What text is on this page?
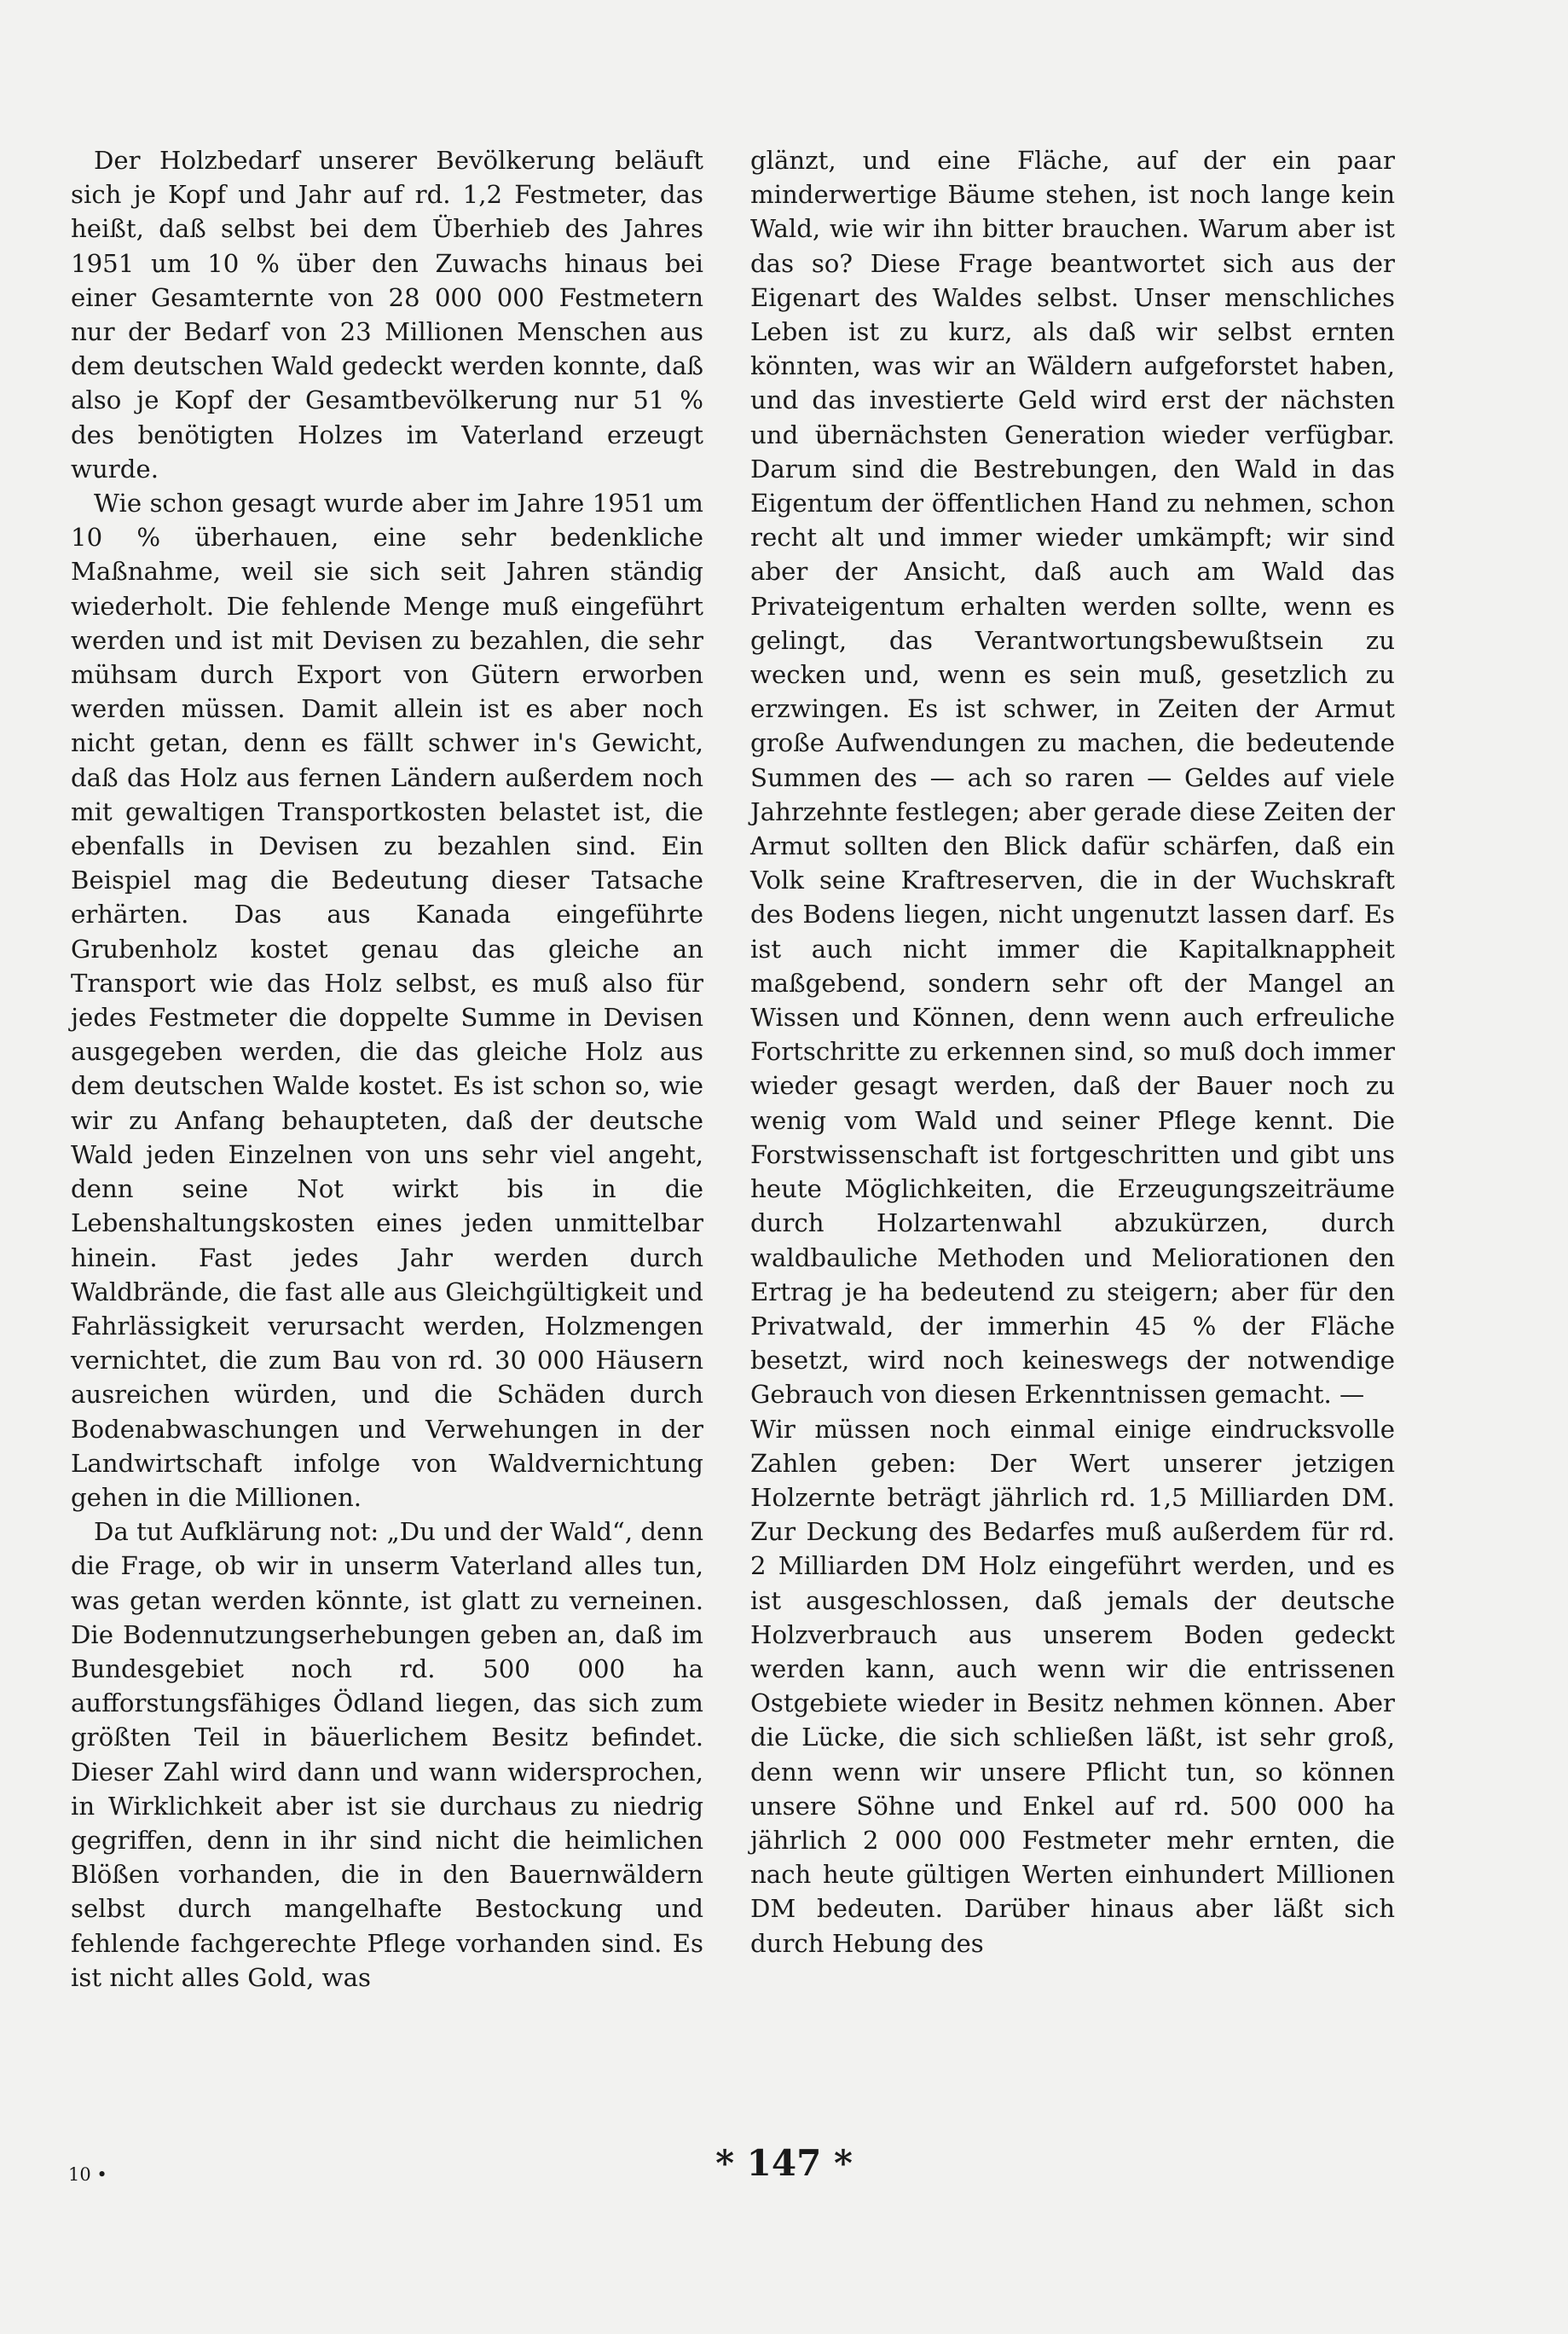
Der Holzbedarf unserer Bevölkerung beläuft sich je Kopf und Jahr auf rd. 1,2 Festmeter, das heißt, daß selbst bei dem Überhieb des Jahres 1951 um 10 % über den Zuwachs hinaus bei einer Gesamternte von 28 000 000 Festmetern nur der Bedarf von 23 Millionen Menschen aus dem deutschen Wald gedeckt werden konnte, daß also je Kopf der Gesamtbevölkerung nur 51 % des benötigten Holzes im Vaterland erzeugt wurde.

Wie schon gesagt wurde aber im Jahre 1951 um 10 % überhauen, eine sehr bedenkliche Maßnahme, weil sie sich seit Jahren ständig wiederholt. Die fehlende Menge muß eingeführt werden und ist mit Devisen zu bezahlen, die sehr mühsam durch Export von Gütern erworben werden müssen. Damit allein ist es aber noch nicht getan, denn es fällt schwer in's Gewicht, daß das Holz aus fernen Ländern außerdem noch mit gewaltigen Transportkosten belastet ist, die ebenfalls in Devisen zu bezahlen sind. Ein Beispiel mag die Bedeutung dieser Tatsache erhärten. Das aus Kanada eingeführte Grubenholz kostet genau das gleiche an Transport wie das Holz selbst, es muß also für jedes Festmeter die doppelte Summe in Devisen ausgegeben werden, die das gleiche Holz aus dem deutschen Walde kostet. Es ist schon so, wie wir zu Anfang behaupteten, daß der deutsche Wald jeden Einzelnen von uns sehr viel angeht, denn seine Not wirkt bis in die Lebenshaltungskosten eines jeden unmittelbar hinein. Fast jedes Jahr werden durch Waldbrände, die fast alle aus Gleichgültigkeit und Fahrlässigkeit verursacht werden, Holzmengen vernichtet, die zum Bau von rd. 30 000 Häusern ausreichen würden, und die Schäden durch Bodenabwaschungen und Verwehungen in der Landwirtschaft infolge von Waldvernichtung gehen in die Millionen.

Da tut Aufklärung not: „Du und der Wald“, denn die Frage, ob wir in unserm Vaterland alles tun, was getan werden könnte, ist glatt zu verneinen. Die Bodennutzungserhebungen geben an, daß im Bundesgebiet noch rd. 500 000 ha aufforstungsfähiges Ödland liegen, das sich zum größten Teil in bäuerlichem Besitz befindet. Dieser Zahl wird dann und wann widersprochen, in Wirklichkeit aber ist sie durchaus zu niedrig gegriffen, denn in ihr sind nicht die heimlichen Blößen vorhanden, die in den Bauernwäldern selbst durch mangelhafte Bestockung und fehlende fachgerechte Pflege vorhanden sind. Es ist nicht alles Gold, was

glänzt, und eine Fläche, auf der ein paar minderwertige Bäume stehen, ist noch lange kein Wald, wie wir ihn bitter brauchen. Warum aber ist das so? Diese Frage beantwortet sich aus der Eigenart des Waldes selbst. Unser menschliches Leben ist zu kurz, als daß wir selbst ernten könnten, was wir an Wäldern aufgeforstet haben, und das investierte Geld wird erst der nächsten und übernächsten Generation wieder verfügbar. Darum sind die Bestrebungen, den Wald in das Eigentum der öffentlichen Hand zu nehmen, schon recht alt und immer wieder umkämpft; wir sind aber der Ansicht, daß auch am Wald das Privateigentum erhalten werden sollte, wenn es gelingt, das Verantwortungsbewußtsein zu wecken und, wenn es sein muß, gesetzlich zu erzwingen. Es ist schwer, in Zeiten der Armut große Aufwendungen zu machen, die bedeutende Summen des — ach so raren — Geldes auf viele Jahrzehnte festlegen; aber gerade diese Zeiten der Armut sollten den Blick dafür schärfen, daß ein Volk seine Kraftreserven, die in der Wuchskraft des Bodens liegen, nicht ungenutzt lassen darf. Es ist auch nicht immer die Kapitalknappheit maßgebend, sondern sehr oft der Mangel an Wissen und Können, denn wenn auch erfreuliche Fortschritte zu erkennen sind, so muß doch immer wieder gesagt werden, daß der Bauer noch zu wenig vom Wald und seiner Pflege kennt. Die Forstwissenschaft ist fortgeschritten und gibt uns heute Möglichkeiten, die Erzeugungszeiträume durch Holzartenwahl abzukürzen, durch waldbauliche Methoden und Meliorationen den Ertrag je ha bedeutend zu steigern; aber für den Privatwald, der immerhin 45 % der Fläche besetzt, wird noch keineswegs der notwendige Gebrauch von diesen Erkenntnissen gemacht. —

Wir müssen noch einmal einige eindrucksvolle Zahlen geben: Der Wert unserer jetzigen Holzernte beträgt jährlich rd. 1,5 Milliarden DM. Zur Deckung des Bedarfes muß außerdem für rd. 2 Milliarden DM Holz eingeführt werden, und es ist ausgeschlossen, daß jemals der deutsche Holzverbrauch aus unserem Boden gedeckt werden kann, auch wenn wir die entrissenen Ostgebiete wieder in Besitz nehmen können. Aber die Lücke, die sich schließen läßt, ist sehr groß, denn wenn wir unsere Pflicht tun, so können unsere Söhne und Enkel auf rd. 500 000 ha jährlich 2 000 000 Festmeter mehr ernten, die nach heute gültigen Werten einhundert Millionen DM bedeuten. Darüber hinaus aber läßt sich durch Hebung des

10 •	* 147 *
